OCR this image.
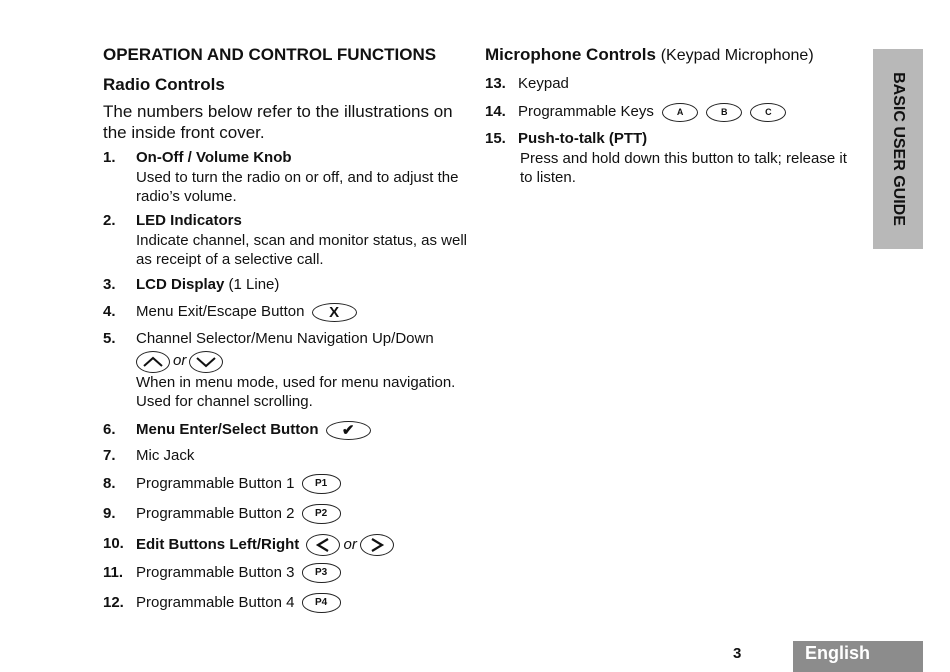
OPERATION AND CONTROL FUNCTIONS
Radio Controls
The numbers below refer to the illustrations on the inside front cover.
1.	On-Off / Volume Knob
Used to turn the radio on or off, and to adjust the radio’s volume.
2.	LED Indicators
Indicate channel, scan and monitor status, as well as receipt of a selective call.
3.	LCD Display (1 Line)
4.	Menu Exit/Escape Button X
5.	Channel Selector/Menu Navigation Up/Down
or
When in menu mode, used for menu navigation. Used for channel scrolling.
6.	Menu Enter/Select Button ✔
7.	Mic Jack
8.	Programmable Button 1 P1
9.	Programmable Button 2 P2
10. Edit Buttons Left/Right	or
11. Programmable Button 3 P3
12. Programmable Button 4 P4
Microphone Controls (Keypad Microphone)
13. Keypad
14. Programmable Keys	A	B	C
15. Push-to-talk (PTT)
Press and hold down this button to talk; release it to listen.	BASIC USER GUIDE
3	English
